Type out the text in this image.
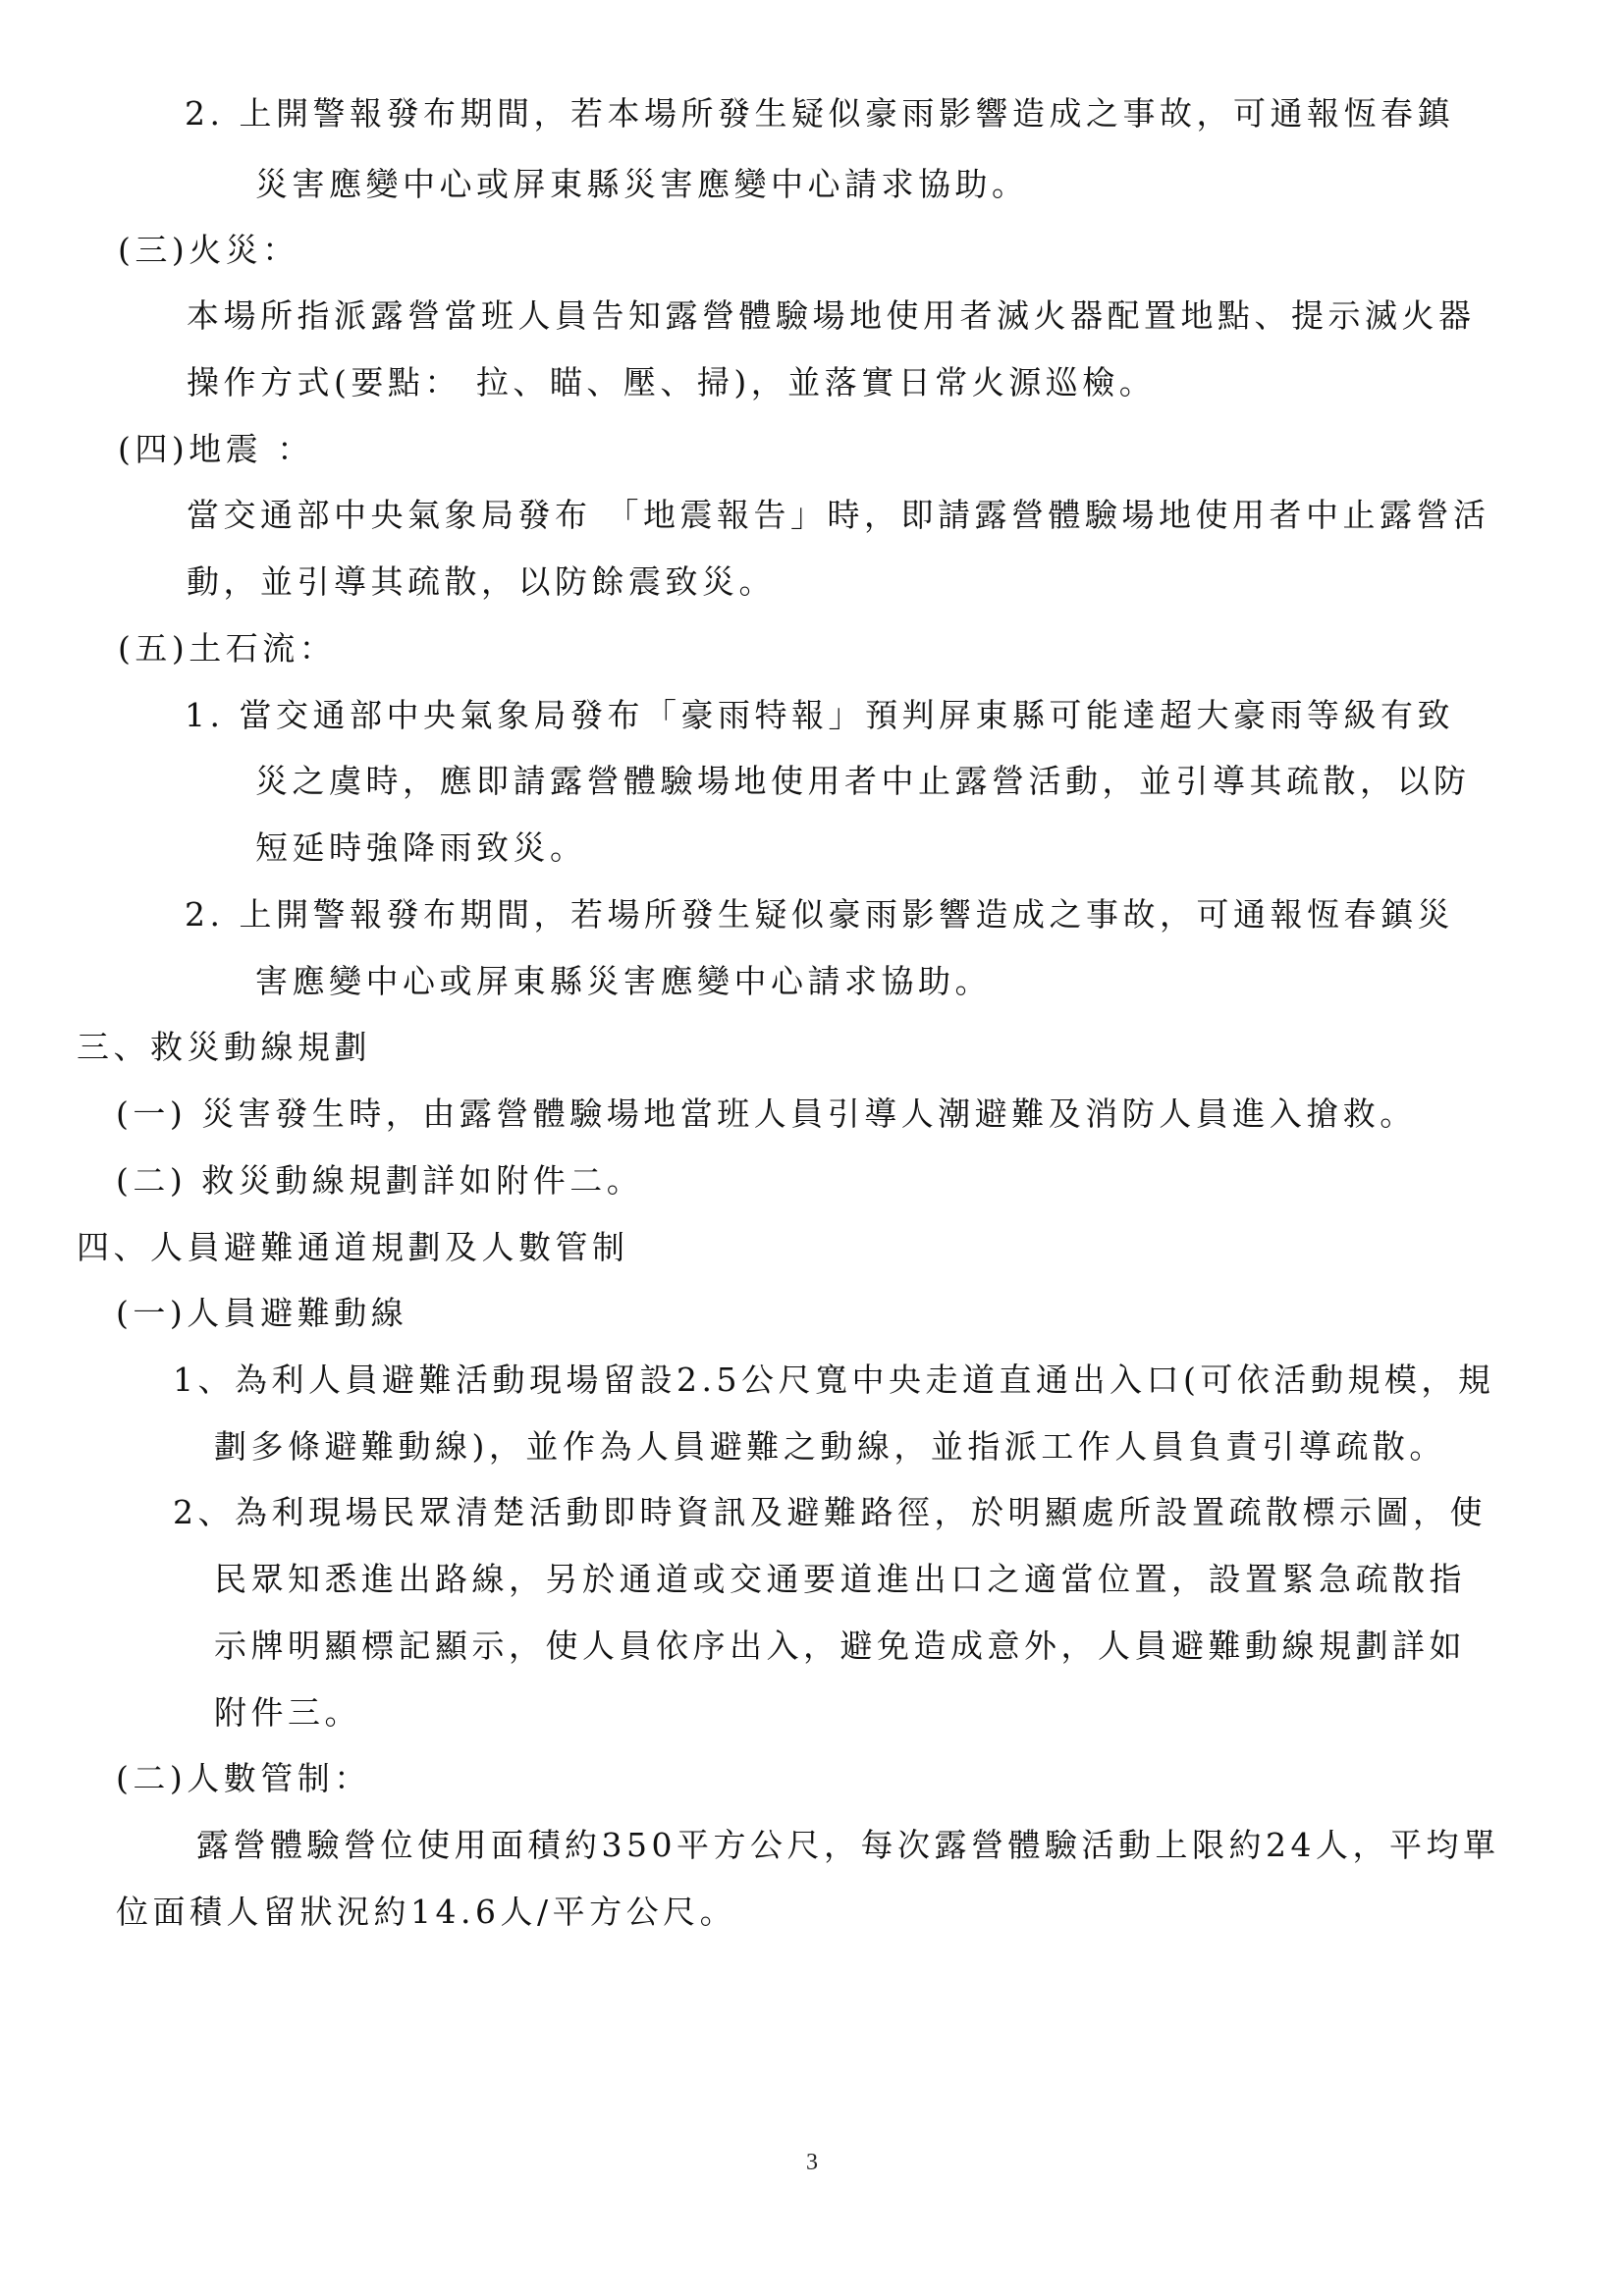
2. 上開警報發布期間，若本場所發生疑似豪雨影響造成之事故，可通報恆春鎮
災害應變中心或屏東縣災害應變中心請求協助。
(三)火災：
本場所指派露營當班人員告知露營體驗場地使用者滅火器配置地點、提示滅火器
操作方式(要點： 拉、瞄、壓、掃)，並落實日常火源巡檢。
(四)地震 ：
當交通部中央氣象局發布 「地震報告」時，即請露營體驗場地使用者中止露營活
動，並引導其疏散，以防餘震致災。
(五)土石流：
1. 當交通部中央氣象局發布「豪雨特報」預判屏東縣可能達超大豪雨等級有致
災之虞時，應即請露營體驗場地使用者中止露營活動，並引導其疏散，以防
短延時強降雨致災。
2. 上開警報發布期間，若場所發生疑似豪雨影響造成之事故，可通報恆春鎮災
害應變中心或屏東縣災害應變中心請求協助。
三、救災動線規劃
(一) 災害發生時，由露營體驗場地當班人員引導人潮避難及消防人員進入搶救。
(二) 救災動線規劃詳如附件二。
四、人員避難通道規劃及人數管制
(一)人員避難動線
1、為利人員避難活動現場留設2.5公尺寬中央走道直通出入口(可依活動規模，規
劃多條避難動線)，並作為人員避難之動線，並指派工作人員負責引導疏散。
2、為利現場民眾清楚活動即時資訊及避難路徑，於明顯處所設置疏散標示圖，使
民眾知悉進出路線，另於通道或交通要道進出口之適當位置，設置緊急疏散指
示牌明顯標記顯示，使人員依序出入，避免造成意外，人員避難動線規劃詳如
附件三。
(二)人數管制：
露營體驗營位使用面積約350平方公尺，每次露營體驗活動上限約24人，平均單
位面積人留狀況約14.6人/平方公尺。
3
